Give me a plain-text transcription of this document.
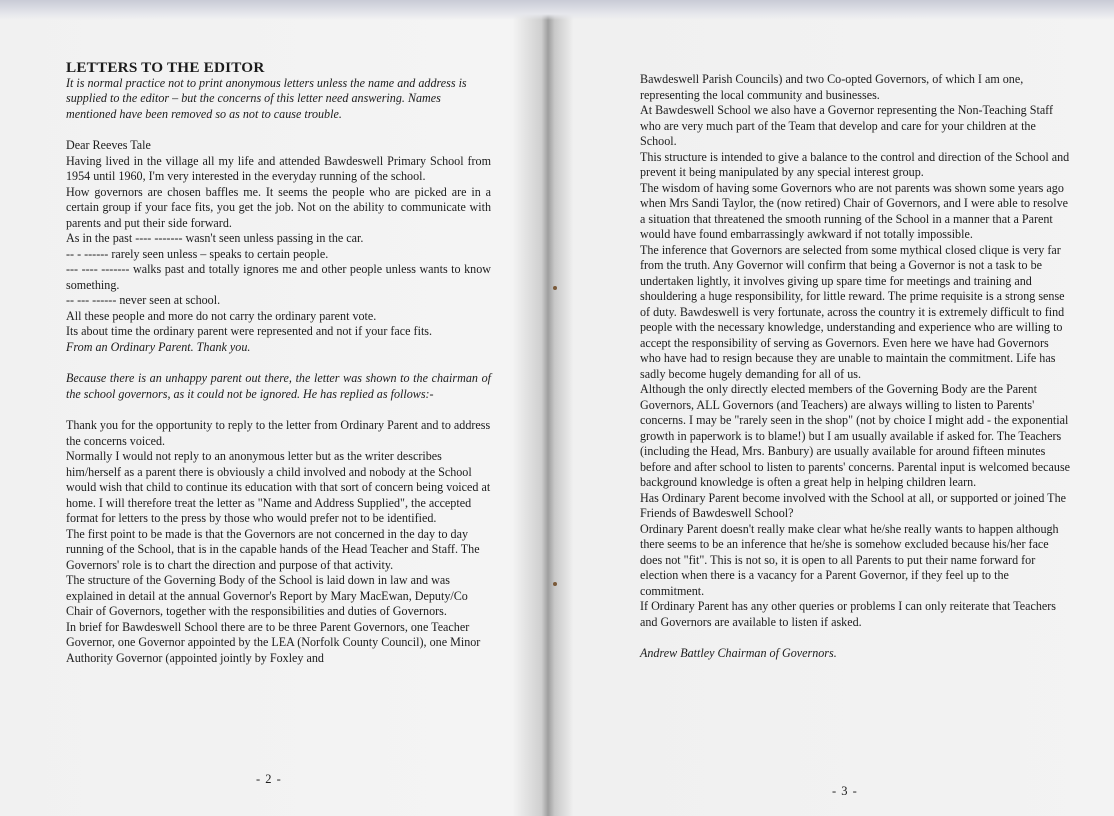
LETTERS TO THE EDITOR

It is normal practice not to print anonymous letters unless the name and address is supplied to the editor – but the concerns of this letter need answering. Names mentioned have been removed so as not to cause trouble.

Dear Reeves Tale

Having lived in the village all my life and attended Bawdeswell Primary School from 1954 until 1960, I'm very interested in the everyday running of the school.

How governors are chosen baffles me. It seems the people who are picked are in a certain group if your face fits, you get the job. Not on the ability to communicate with parents and put their side forward.

As in the past ---- ------- wasn't seen unless passing in the car.

-- - ------ rarely seen unless – speaks to certain people.

--- ---- ------- walks past and totally ignores me and other people unless wants to know something.

-- --- ------ never seen at school.

All these people and more do not carry the ordinary parent vote.

Its about time the ordinary parent were represented and not if your face fits.

From an Ordinary Parent. Thank you.

Because there is an unhappy parent out there, the letter was shown to the chairman of the school governors, as it could not be ignored. He has replied as follows:-

Thank you for the opportunity to reply to the letter from Ordinary Parent and to address the concerns voiced.

Normally I would not reply to an anonymous letter but as the writer describes him/herself as a parent there is obviously a child involved and nobody at the School would wish that child to continue its education with that sort of concern being voiced at home. I will therefore treat the letter as "Name and Address Supplied", the accepted format for letters to the press by those who would prefer not to be identified.

The first point to be made is that the Governors are not concerned in the day to day running of the School, that is in the capable hands of the Head Teacher and Staff. The Governors' role is to chart the direction and purpose of that activity.

The structure of the Governing Body of the School is laid down in law and was explained in detail at the annual Governor's Report by Mary MacEwan, Deputy/Co Chair of Governors, together with the responsibilities and duties of Governors.

In brief for Bawdeswell School there are to be three Parent Governors, one Teacher Governor, one Governor appointed by the LEA (Norfolk County Council), one Minor Authority Governor (appointed jointly by Foxley and

- 2 -

Bawdeswell Parish Councils) and two Co-opted Governors, of which I am one, representing the local community and businesses.

At Bawdeswell School we also have a Governor representing the Non-Teaching Staff who are very much part of the Team that develop and care for your children at the School.

This structure is intended to give a balance to the control and direction of the School and prevent it being manipulated by any special interest group.

The wisdom of having some Governors who are not parents was shown some years ago when Mrs Sandi Taylor, the (now retired) Chair of Governors, and I were able to resolve a situation that threatened the smooth running of the School in a manner that a Parent would have found embarrassingly awkward if not totally impossible.

The inference that Governors are selected from some mythical closed clique is very far from the truth. Any Governor will confirm that being a Governor is not a task to be undertaken lightly, it involves giving up spare time for meetings and training and shouldering a huge responsibility, for little reward. The prime requisite is a strong sense of duty. Bawdeswell is very fortunate, across the country it is extremely difficult to find people with the necessary knowledge, understanding and experience who are willing to accept the responsibility of serving as Governors. Even here we have had Governors who have had to resign because they are unable to maintain the commitment. Life has sadly become hugely demanding for all of us.

Although the only directly elected members of the Governing Body are the Parent Governors, ALL Governors (and Teachers) are always willing to listen to Parents' concerns. I may be "rarely seen in the shop" (not by choice I might add - the exponential growth in paperwork is to blame!) but I am usually available if asked for. The Teachers (including the Head, Mrs. Banbury) are usually available for around fifteen minutes before and after school to listen to parents' concerns. Parental input is welcomed because background knowledge is often a great help in helping children learn.

Has Ordinary Parent become involved with the School at all, or supported or joined The Friends of Bawdeswell School?

Ordinary Parent doesn't really make clear what he/she really wants to happen although there seems to be an inference that he/she is somehow excluded because his/her face does not "fit". This is not so, it is open to all Parents to put their name forward for election when there is a vacancy for a Parent Governor, if they feel up to the commitment.

If Ordinary Parent has any other queries or problems I can only reiterate that Teachers and Governors are available to listen if asked.

Andrew Battley Chairman of Governors.

- 3 -
